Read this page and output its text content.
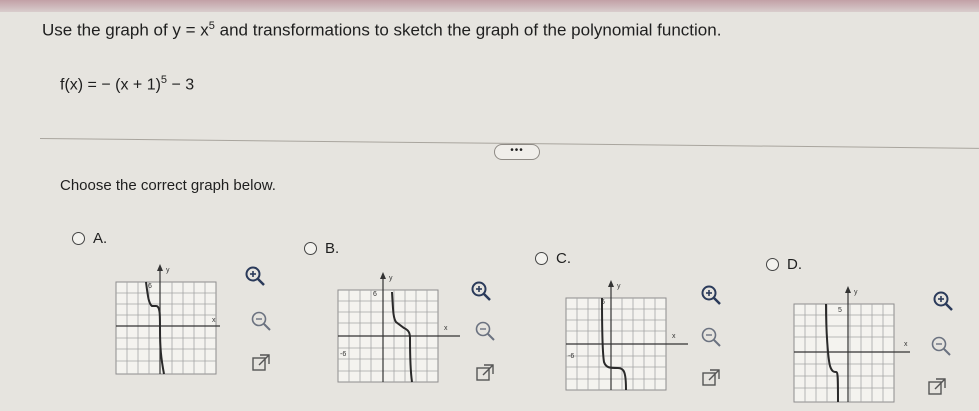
Use the graph of $y = x^5$ and transformations to sketch the graph of the polynomial function.
f(x) = − $(x + 1)^5 - 3$
•••
Choose the correct graph below.
A.
B.
C.	D.
y
x
6
y
x
6
-6
y
x
6
-6
y
x
5
